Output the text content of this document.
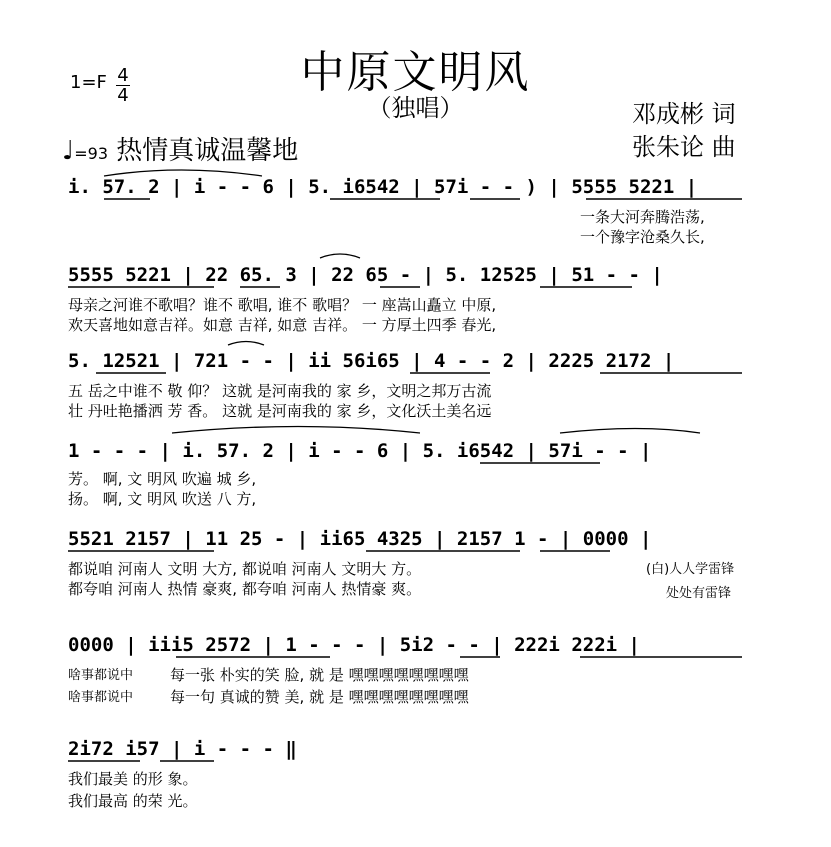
中原文明风
（独唱）
1=F 4
4
邓成彬 词
张朱论 曲
♩=93 热情真诚温馨地
i. 57. 2 | i - - 6 | 5. i6542 | 57i - - ) | 5555 5221 |
一条大河奔腾浩荡,
一个豫字沧桑久长,
5555 5221 | 22 65. 3 | 22 65 - | 5. 12525 | 51 - - |
母亲之河谁不歌唱？谁不 歌唱, 谁不 歌唱？ 一 座嵩山矗立 中原,
欢天喜地如意吉祥。如意 吉祥, 如意 吉祥。 一 方厚土四季 春光,
5. 12521 | 721 - - | ii 56i65 | 4 - - 2 | 2225 2172 |
五 岳之中谁不 敬 仰？ 这就 是河南我的 家 乡，文明之邦万古流
壮 丹吐艳播洒 芳 香。 这就 是河南我的 家 乡，文化沃土美名远
1 - - - | i. 57. 2 | i - - 6 | 5. i6542 | 57i - - |
芳。 啊, 文 明风 吹遍 城 乡,
扬。 啊, 文 明风 吹送 八 方,
5521 2157 | 11 25 - | ii65 4325 | 2157 1 - | 0000 |
都说咱 河南人 文明 大方, 都说咱 河南人 文明大 方。
都夸咱 河南人 热情 豪爽, 都夸咱 河南人 热情豪 爽。
(白)人人学雷锋
处处有雷锋
0000 | iii5 2572 | 1 - - - | 5i2 - - | 222i 222i |
啥事都说中
啥事都说中
每一张 朴实的笑 脸, 就 是 嘿嘿嘿嘿嘿嘿嘿嘿
每一句 真诚的赞 美, 就 是 嘿嘿嘿嘿嘿嘿嘿嘿
2i72 i57 | i - - - ‖
我们最美 的形 象。
我们最高 的荣 光。
